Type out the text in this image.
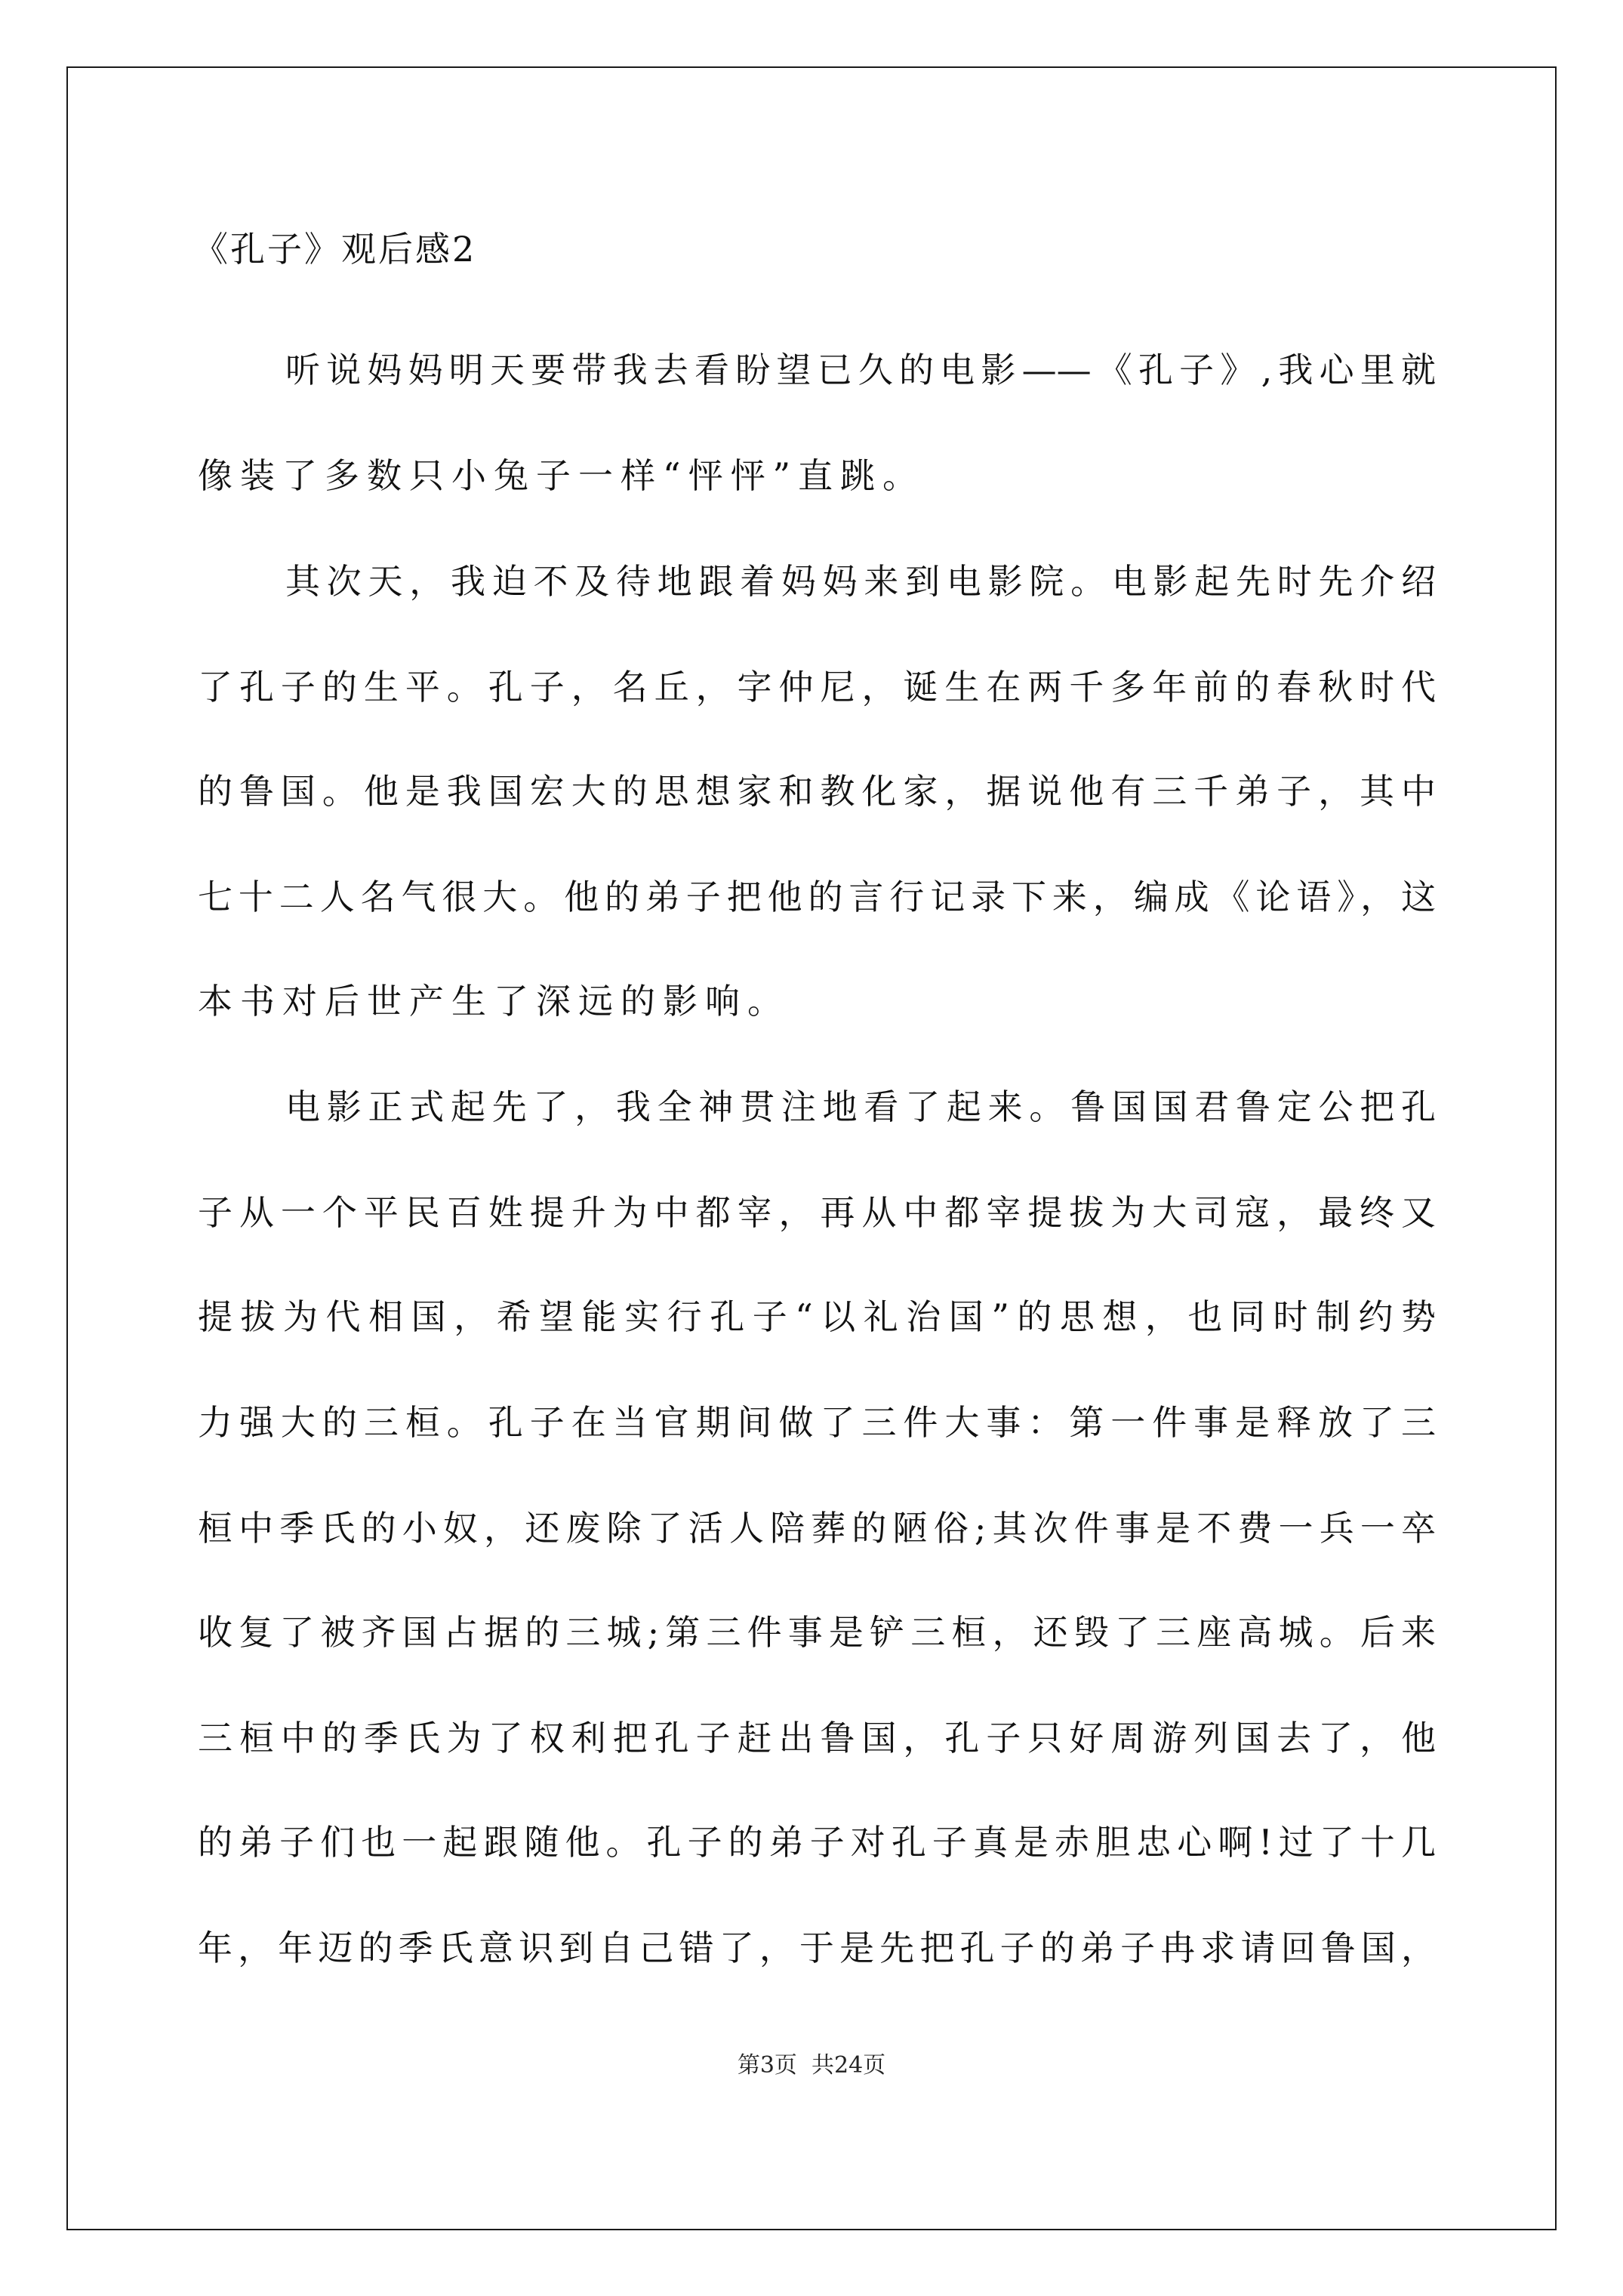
《孔子》观后感2
听说妈妈明天要带我去看盼望已久的电影——《孔子》,我心里就
像装了多数只小兔子一样“怦怦”直跳。
其次天，我迫不及待地跟着妈妈来到电影院。电影起先时先介绍
了孔子的生平。孔子，名丘，字仲尼，诞生在两千多年前的春秋时代
的鲁国。他是我国宏大的思想家和教化家，据说他有三千弟子，其中
七十二人名气很大。他的弟子把他的言行记录下来，编成《论语》，这
本书对后世产生了深远的影响。
电影正式起先了，我全神贯注地看了起来。鲁国国君鲁定公把孔
子从一个平民百姓提升为中都宰，再从中都宰提拔为大司寇，最终又
提拔为代相国，希望能实行孔子“以礼治国”的思想，也同时制约势
力强大的三桓。孔子在当官期间做了三件大事：第一件事是释放了三
桓中季氏的小奴，还废除了活人陪葬的陋俗;其次件事是不费一兵一卒
收复了被齐国占据的三城;第三件事是铲三桓，还毁了三座高城。后来
三桓中的季氏为了权利把孔子赶出鲁国，孔子只好周游列国去了，他
的弟子们也一起跟随他。孔子的弟子对孔子真是赤胆忠心啊!过了十几
年，年迈的季氏意识到自己错了，于是先把孔子的弟子冉求请回鲁国，
第3页  共24页
